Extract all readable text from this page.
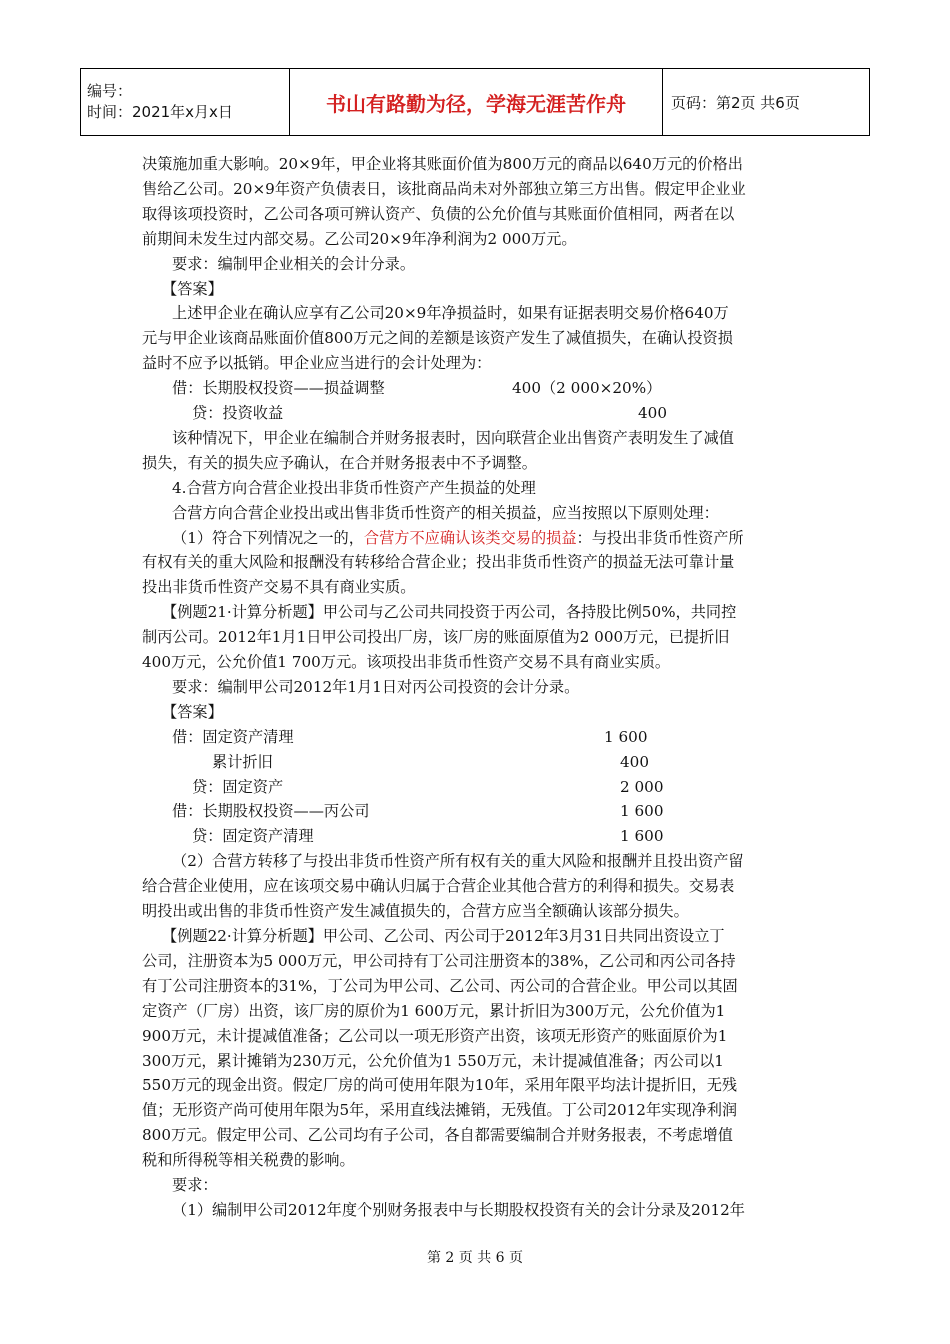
编号：
时间：2021年x月x日	书山有路勤为径，学海无涯苦作舟	页码：第2页 共6页

决策施加重大影响。20×9年，甲企业将其账面价值为800万元的商品以640万元的价格出

售给乙公司。20×9年资产负债表日，该批商品尚未对外部独立第三方出售。假定甲企业业

取得该项投资时，乙公司各项可辨认资产、负债的公允价值与其账面价值相同，两者在以

前期间未发生过内部交易。乙公司20×9年净利润为2 000万元。

要求：编制甲企业相关的会计分录。

【答案】

上述甲企业在确认应享有乙公司20×9年净损益时，如果有证据表明交易价格640万

元与甲企业该商品账面价值800万元之间的差额是该资产发生了减值损失，在确认投资损

益时不应予以抵销。甲企业应当进行的会计处理为：

借：长期股权投资——损益调整	400（2 000×20%）
贷：投资收益	400

该种情况下，甲企业在编制合并财务报表时，因向联营企业出售资产表明发生了减值

损失，有关的损失应予确认，在合并财务报表中不予调整。

4.合营方向合营企业投出非货币性资产产生损益的处理

合营方向合营企业投出或出售非货币性资产的相关损益，应当按照以下原则处理：

（1）符合下列情况之一的，合营方不应确认该类交易的损益：与投出非货币性资产所

有权有关的重大风险和报酬没有转移给合营企业；投出非货币性资产的损益无法可靠计量

投出非货币性资产交易不具有商业实质。

【例题21·计算分析题】甲公司与乙公司共同投资于丙公司，各持股比例50%，共同控

制丙公司。2012年1月1日甲公司投出厂房，该厂房的账面原值为2 000万元，已提折旧

400万元，公允价值1 700万元。该项投出非货币性资产交易不具有商业实质。

要求：编制甲公司2012年1月1日对丙公司投资的会计分录。

【答案】

借：固定资产清理	1 600
累计折旧	400
贷：固定资产	2 000
借：长期股权投资——丙公司	1 600
贷：固定资产清理	1 600

（2）合营方转移了与投出非货币性资产所有权有关的重大风险和报酬并且投出资产留

给合营企业使用，应在该项交易中确认归属于合营企业其他合营方的利得和损失。交易表

明投出或出售的非货币性资产发生减值损失的，合营方应当全额确认该部分损失。

【例题22·计算分析题】甲公司、乙公司、丙公司于2012年3月31日共同出资设立丁

公司，注册资本为5 000万元，甲公司持有丁公司注册资本的38%，乙公司和丙公司各持

有丁公司注册资本的31%，丁公司为甲公司、乙公司、丙公司的合营企业。甲公司以其固

定资产（厂房）出资，该厂房的原价为1 600万元，累计折旧为300万元，公允价值为1

900万元，未计提减值准备；乙公司以一项无形资产出资，该项无形资产的账面原价为1

300万元，累计摊销为230万元，公允价值为1 550万元，未计提减值准备；丙公司以1

550万元的现金出资。假定厂房的尚可使用年限为10年，采用年限平均法计提折旧，无残

值；无形资产尚可使用年限为5年，采用直线法摊销，无残值。丁公司2012年实现净利润

800万元。假定甲公司、乙公司均有子公司，各自都需要编制合并财务报表，不考虑增值

税和所得税等相关税费的影响。

要求：

（1）编制甲公司2012年度个别财务报表中与长期股权投资有关的会计分录及2012年

第 2 页 共 6 页
